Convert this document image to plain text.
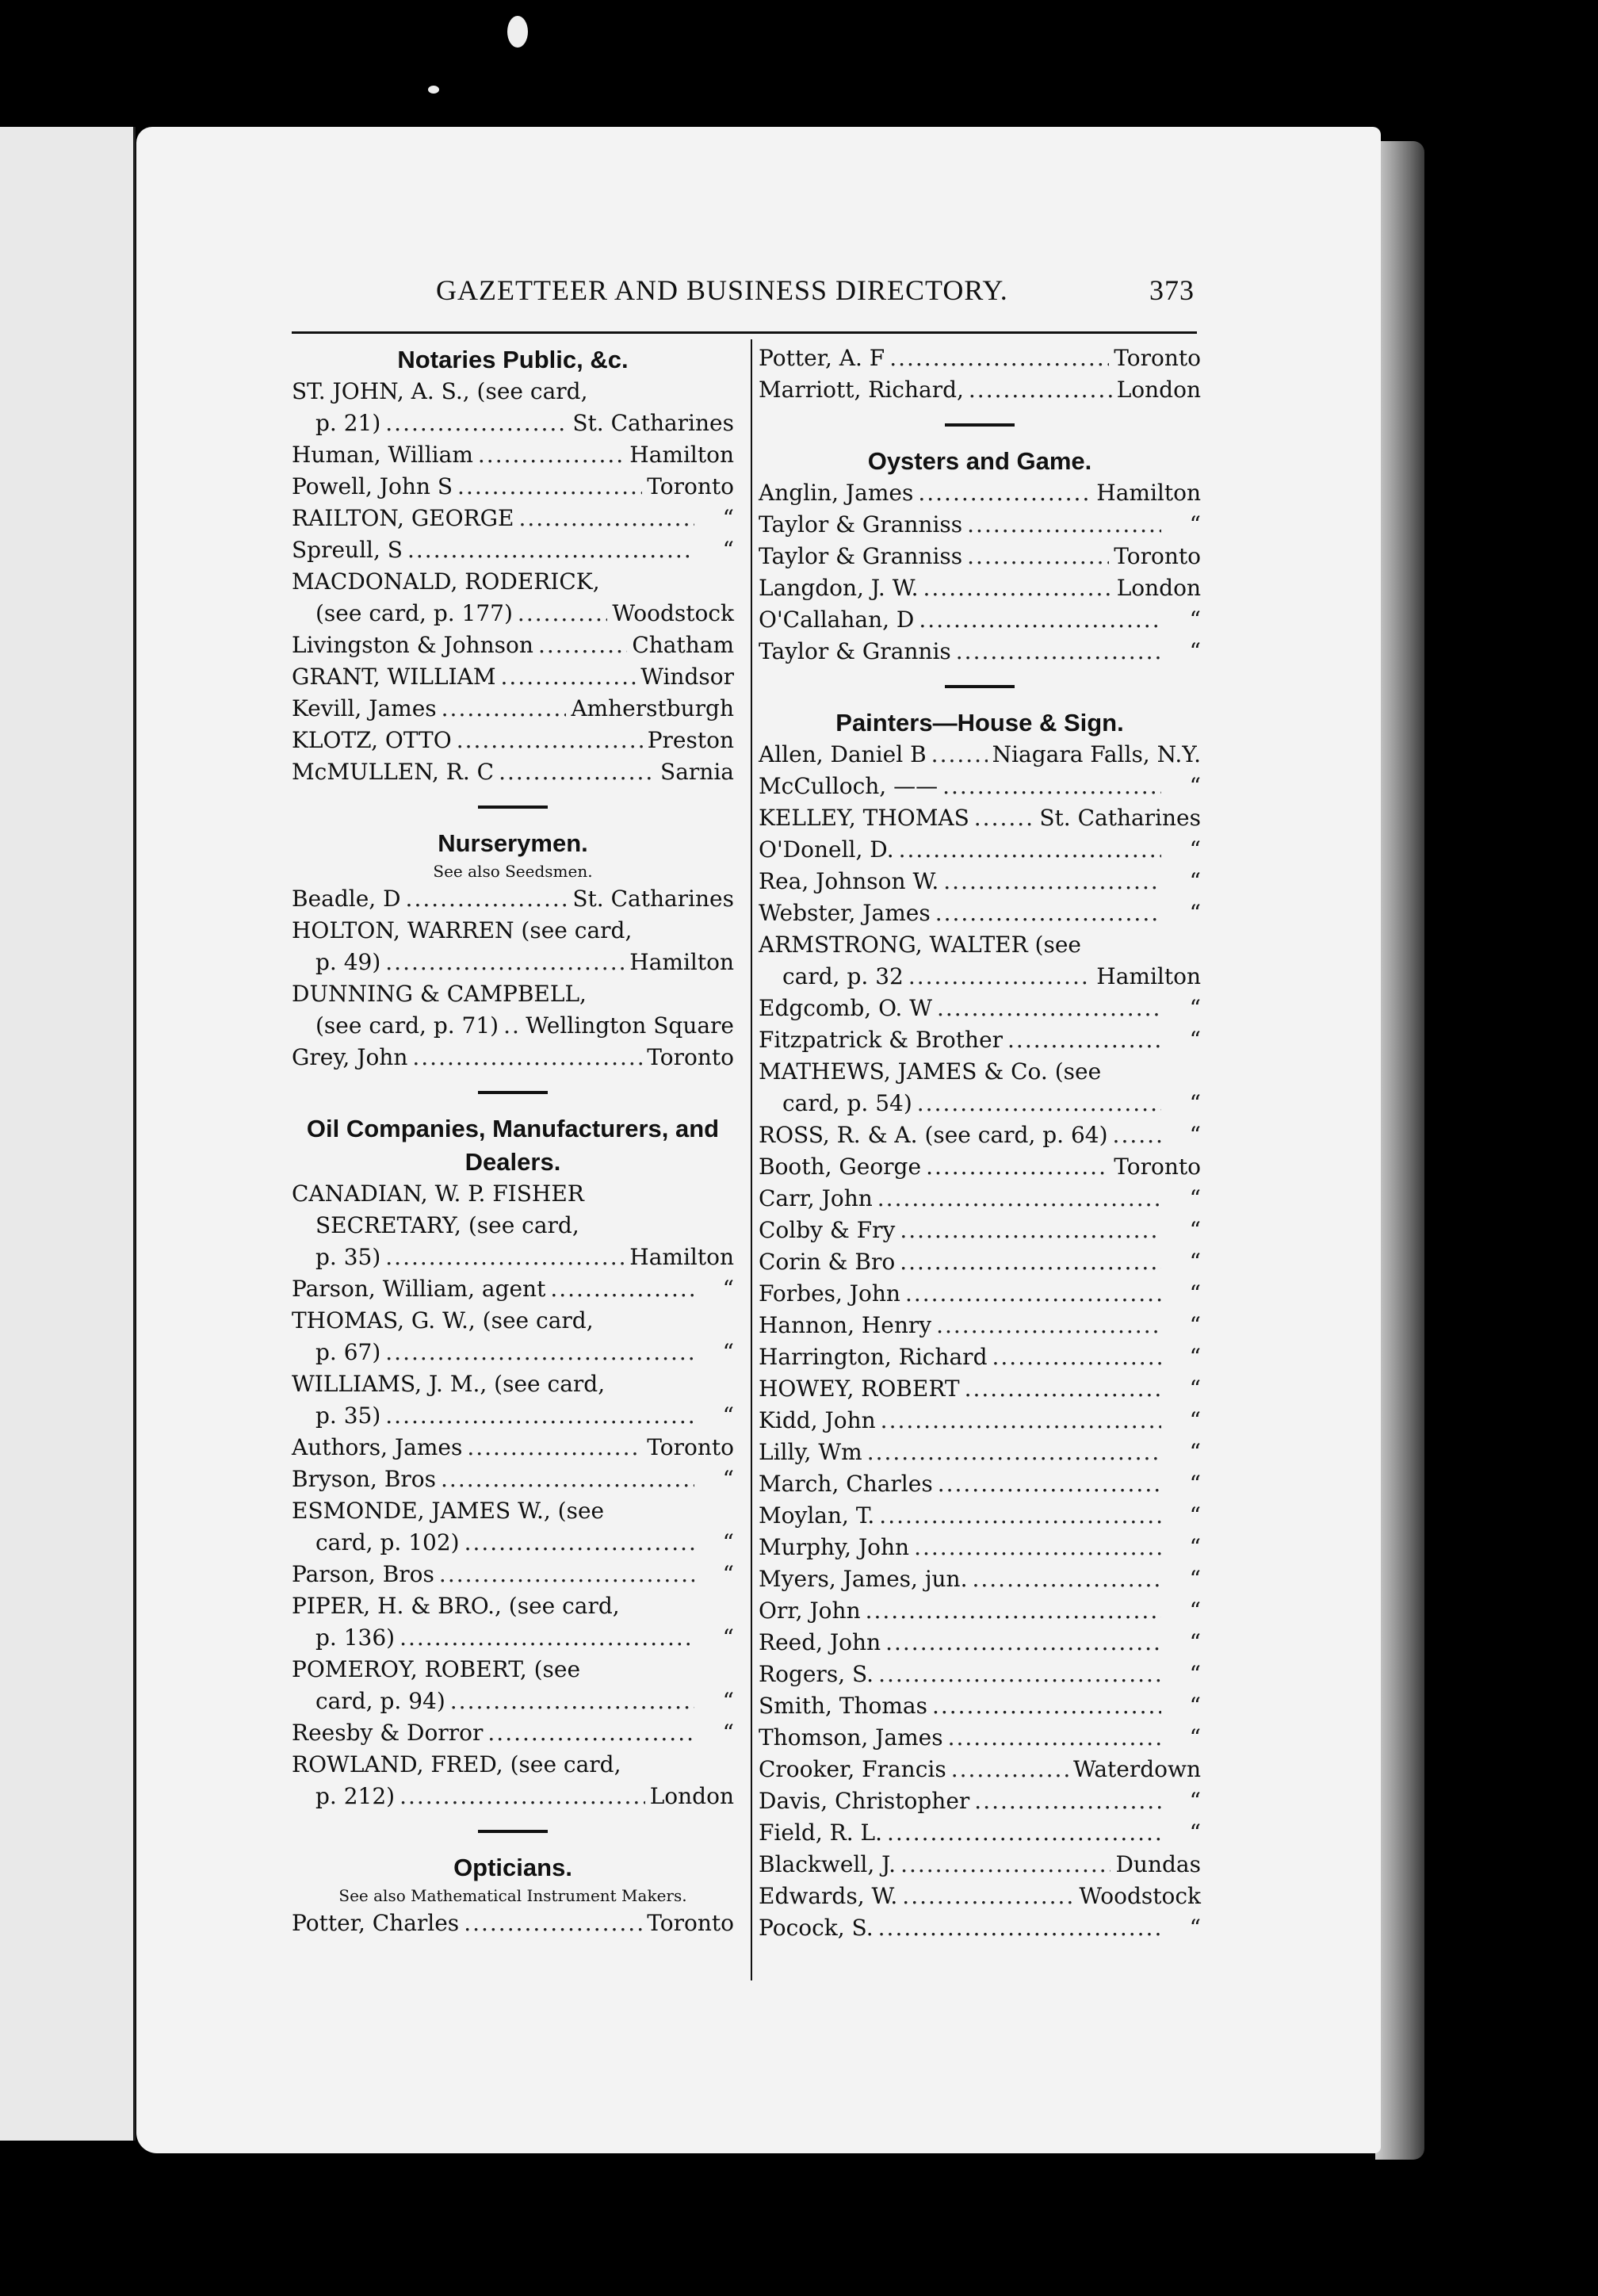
GAZETTEER AND BUSINESS DIRECTORY.	373
Notaries Public, &c.
ST. JOHN, A. S., (see card,
p. 21) .....	St. Catharines
Human, William .....	Hamilton
Powell, John S .....	Toronto
RAILTON, GEORGE .....	“
Spreull, S .....	“
MACDONALD, RODERICK,
(see card, p. 177) .....	Woodstock
Livingston & Johnson .....	Chatham
GRANT, WILLIAM .....	Windsor
Kevill, James .....	Amherstburgh
KLOTZ, OTTO .....	Preston
McMULLEN, R. C .....	Sarnia
Nurserymen.
See also Seedsmen.
Beadle, D .....	St. Catharines
HOLTON, WARREN (see card,
p. 49) .....	Hamilton
DUNNING & CAMPBELL,
(see card, p. 71) ..... Wellington Square
Grey, John .....	Toronto
Oil Companies, Manufacturers, and
Dealers.
CANADIAN, W. P. FISHER
SECRETARY, (see card,
p. 35) .....	Hamilton
Parson, William, agent .....	“
THOMAS, G. W., (see card,
p. 67) .....	“
WILLIAMS, J. M., (see card,
p. 35) .....	“
Authors, James .....	Toronto
Bryson, Bros .....	“
ESMONDE, JAMES W., (see
card, p. 102) .....	“
Parson, Bros .....	“
PIPER, H. & BRO., (see card,
p. 136) .....	“
POMEROY, ROBERT, (see
card, p. 94) .....	“
Reesby & Dorror .....	“
ROWLAND, FRED, (see card,
p. 212) .....	London
Opticians.
See also Mathematical Instrument Makers.
Potter, Charles .....	Toronto
Potter, A. F .....	Toronto
Marriott, Richard, .....	London
Oysters and Game.
Anglin, James .....	Hamilton
Taylor & Granniss .....	“
Taylor & Granniss .....	Toronto
Langdon, J. W. .....	London
O'Callahan, D .....	“
Taylor & Grannis .....	“
Painters—House & Sign.
Allen, Daniel B .....	Niagara Falls, N.Y.
McCulloch, —— .....	“
KELLEY, THOMAS .....	St. Catharines
O'Donell, D. .....	“
Rea, Johnson W. .....	“
Webster, James .....	“
ARMSTRONG, WALTER (see
card, p. 32 .....	Hamilton
Edgcomb, O. W .....	“
Fitzpatrick & Brother .....	“
MATHEWS, JAMES & Co. (see
card, p. 54) .....	“
ROSS, R. & A. (see card, p. 64) .....	“
Booth, George .....	Toronto
Carr, John .....	“
Colby & Fry .....	“
Corin & Bro .....	“
Forbes, John .....	“
Hannon, Henry .....	“
Harrington, Richard .....	“
HOWEY, ROBERT .....	“
Kidd, John .....	“
Lilly, Wm .....	“
March, Charles .....	“
Moylan, T. .....	“
Murphy, John .....	“
Myers, James, jun. .....	“
Orr, John .....	“
Reed, John .....	“
Rogers, S. .....	“
Smith, Thomas .....	“
Thomson, James .....	“
Crooker, Francis .....	Waterdown
Davis, Christopher .....	“
Field, R. L. .....	“
Blackwell, J. .....	Dundas
Edwards, W. .....	Woodstock
Pocock, S. .....	“
